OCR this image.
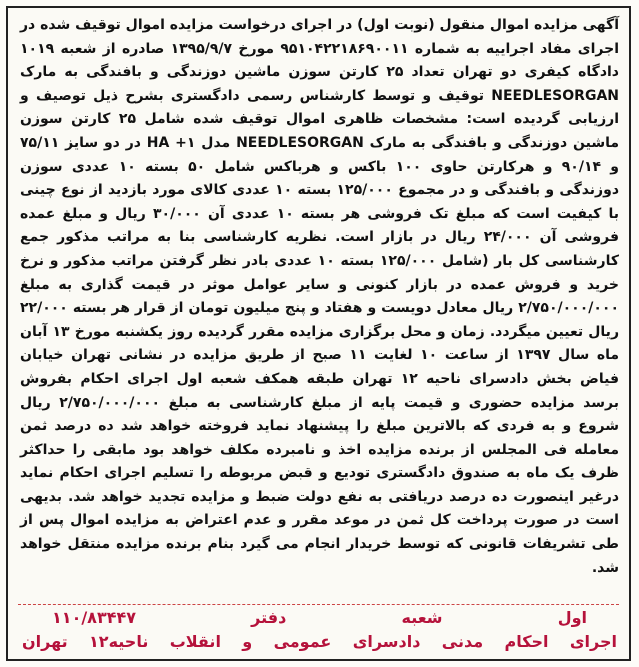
آگهی مزایده اموال منقول (نوبت اول) در اجرای درخواست مزایده اموال توقیف شده در اجرای مفاد اجراییه به شماره ۹۵۱۰۴۲۲۱۸۶۹۰۰۱۱ مورخ ۱۳۹۵/۹/۷ صادره از شعبه ۱۰۱۹ دادگاه کیفری دو تهران تعداد ۲۵ کارتن سوزن ماشین دوزندگی و بافندگی به مارک NEEDLESORGAN توقیف و توسط کارشناس رسمی دادگستری بشرح ذیل توصیف و ارزیابی گردیده است: مشخصات ظاهری اموال توقیف شده شامل ۲۵ کارتن سوزن ماشین دوزندگی و بافندگی به مارک NEEDLESORGAN مدل ۱+ HA در دو سایز ۷۵/۱۱ و ۹۰/۱۴ و هرکارتن حاوی ۱۰۰ باکس و هرباکس شامل ۵۰ بسته ۱۰ عددی سوزن دوزندگی و بافندگی و در مجموع ۱۲۵/۰۰۰ بسته ۱۰ عددی کالای مورد بازدید از نوع چینی با کیفیت است که مبلغ تک فروشی هر بسته ۱۰ عددی آن ۳۰/۰۰۰ ریال و مبلغ عمده فروشی آن ۲۴/۰۰۰ ریال در بازار است. نظریه کارشناسی بنا به مراتب مذکور جمع کارشناسی کل بار (شامل ۱۲۵/۰۰۰ بسته ۱۰ عددی بادر نظر گرفتن مراتب مذکور و نرخ خرید و فروش عمده در بازار کنونی و سایر عوامل موثر در قیمت گذاری به مبلغ ۲/۷۵۰/۰۰۰/۰۰۰ ریال معادل دویست و هفتاد و پنج میلیون تومان از قرار هر بسته ۲۲/۰۰۰ ریال تعیین میگردد. زمان و محل برگزاری مزایده مقرر گردیده روز یکشنبه مورخ ۱۳ آبان ماه سال ۱۳۹۷ از ساعت ۱۰ لغایت ۱۱ صبح از طریق مزایده در نشانی تهران خیابان فیاض بخش دادسرای ناحیه ۱۲ تهران طبقه همکف شعبه اول اجرای احکام بفروش برسد مزایده حضوری و قیمت پایه از مبلغ کارشناسی به مبلغ ۲/۷۵۰/۰۰۰/۰۰۰ ریال شروع و به فردی که بالاترین مبلغ را پیشنهاد نماید فروخته خواهد شد ده درصد ثمن معامله فی المجلس از برنده مزایده اخذ و نامبرده مکلف خواهد بود مابقی را حداکثر ظرف یک ماه به صندوق دادگستری تودیع و قبض مربوطه را تسلیم اجرای احکام نماید درغیر اینصورت ده درصد دریافتی به نفع دولت ضبط و مزایده تجدید خواهد شد. بدیهی است در صورت پرداخت کل ثمن در موعد مقرر و عدم اعتراض به مزایده اموال پس از طی تشریفات قانونی که توسط خریدار انجام می گیرد بنام برنده مزایده منتقل خواهد شد.
اول
شعبه
دفتر
۱۱۰/۸۳۴۴۷
اجرای
احکام
مدنی
دادسرای
عمومی
و
انقلاب
ناحیه۱۲
تهران
